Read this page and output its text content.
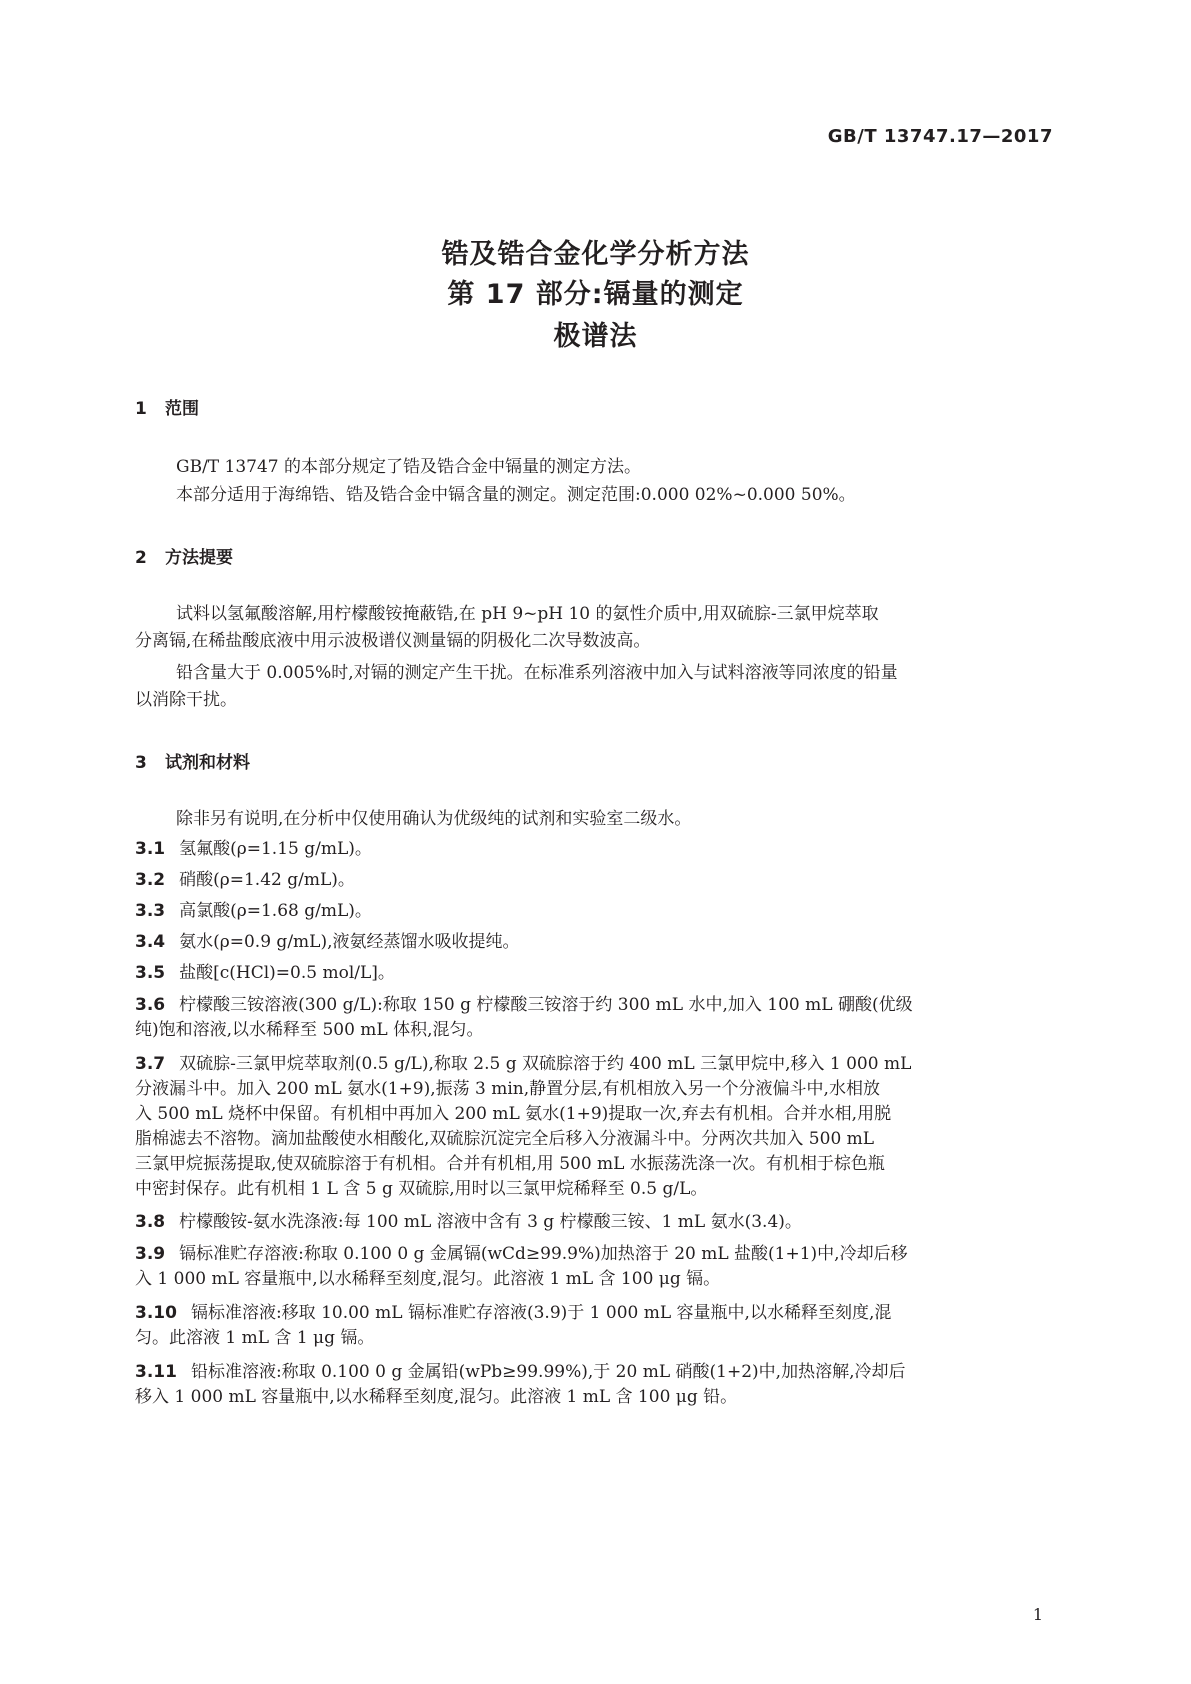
GB/T 13747.17—2017
锆及锆合金化学分析方法
第 17 部分:镉量的测定
极谱法
1 范围

GB/T 13747 的本部分规定了锆及锆合金中镉量的测定方法。

本部分适用于海绵锆、锆及锆合金中镉含量的测定。测定范围:0.000 02%~0.000 50%。

2 方法提要

试料以氢氟酸溶解,用柠檬酸铵掩蔽锆,在 pH 9~pH 10 的氨性介质中,用双硫腙-三氯甲烷萃取

分离镉,在稀盐酸底液中用示波极谱仪测量镉的阴极化二次导数波高。

铅含量大于 0.005%时,对镉的测定产生干扰。在标准系列溶液中加入与试料溶液等同浓度的铅量

以消除干扰。

3 试剂和材料

除非另有说明,在分析中仅使用确认为优级纯的试剂和实验室二级水。

3.1 氢氟酸(ρ=1.15 g/mL)。
3.2 硝酸(ρ=1.42 g/mL)。
3.3 高氯酸(ρ=1.68 g/mL)。
3.4 氨水(ρ=0.9 g/mL),液氨经蒸馏水吸收提纯。
3.5 盐酸[c(HCl)=0.5 mol/L]。
3.6 柠檬酸三铵溶液(300 g/L):称取 150 g 柠檬酸三铵溶于约 300 mL 水中,加入 100 mL 硼酸(优级

纯)饱和溶液,以水稀释至 500 mL 体积,混匀。

3.7 双硫腙-三氯甲烷萃取剂(0.5 g/L),称取 2.5 g 双硫腙溶于约 400 mL 三氯甲烷中,移入 1 000 mL

分液漏斗中。加入 200 mL 氨水(1+9),振荡 3 min,静置分层,有机相放入另一个分液偏斗中,水相放

入 500 mL 烧杯中保留。有机相中再加入 200 mL 氨水(1+9)提取一次,弃去有机相。合并水相,用脱

脂棉滤去不溶物。滴加盐酸使水相酸化,双硫腙沉淀完全后移入分液漏斗中。分两次共加入 500 mL

三氯甲烷振荡提取,使双硫腙溶于有机相。合并有机相,用 500 mL 水振荡洗涤一次。有机相于棕色瓶

中密封保存。此有机相 1 L 含 5 g 双硫腙,用时以三氯甲烷稀释至 0.5 g/L。

3.8 柠檬酸铵-氨水洗涤液:每 100 mL 溶液中含有 3 g 柠檬酸三铵、1 mL 氨水(3.4)。
3.9 镉标准贮存溶液:称取 0.100 0 g 金属镉(wCd≥99.9%)加热溶于 20 mL 盐酸(1+1)中,冷却后移

入 1 000 mL 容量瓶中,以水稀释至刻度,混匀。此溶液 1 mL 含 100 μg 镉。

3.10 镉标准溶液:移取 10.00 mL 镉标准贮存溶液(3.9)于 1 000 mL 容量瓶中,以水稀释至刻度,混

匀。此溶液 1 mL 含 1 μg 镉。

3.11 铅标准溶液:称取 0.100 0 g 金属铅(wPb≥99.99%),于 20 mL 硝酸(1+2)中,加热溶解,冷却后

移入 1 000 mL 容量瓶中,以水稀释至刻度,混匀。此溶液 1 mL 含 100 μg 铅。

1
